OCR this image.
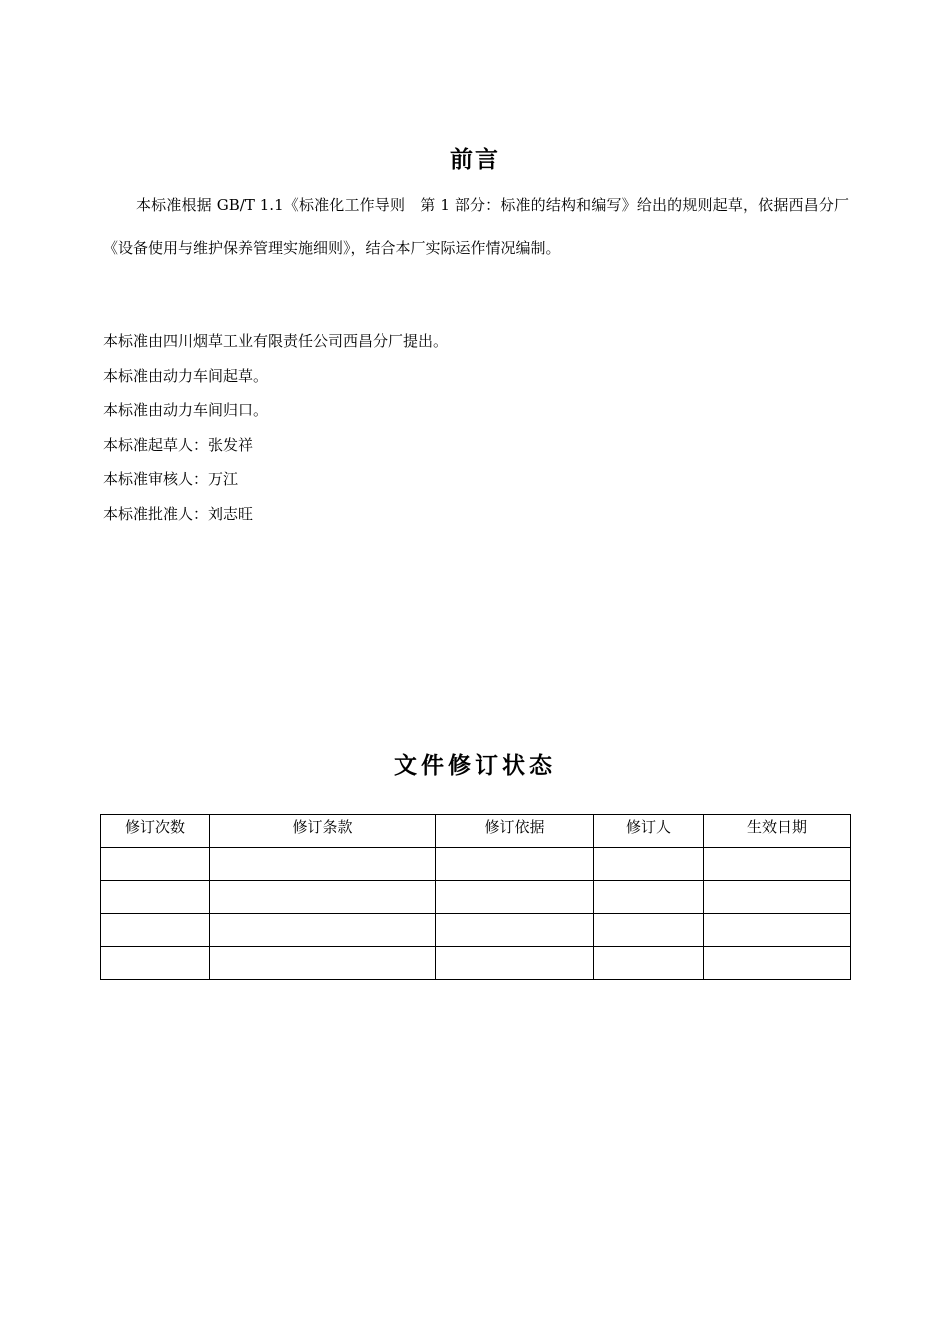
前言
本标准根据 GB/T 1.1《标准化工作导则　第 1 部分：标准的结构和编写》给出的规则起草，依据西昌分厂《设备使用与维护保养管理实施细则》，结合本厂实际运作情况编制。
本标准由四川烟草工业有限责任公司西昌分厂提出。
本标准由动力车间起草。
本标准由动力车间归口。
本标准起草人：张发祥
本标准审核人：万江
本标准批准人：刘志旺
文件修订状态
修订次数	修订条款	修订依据	修订人	生效日期
